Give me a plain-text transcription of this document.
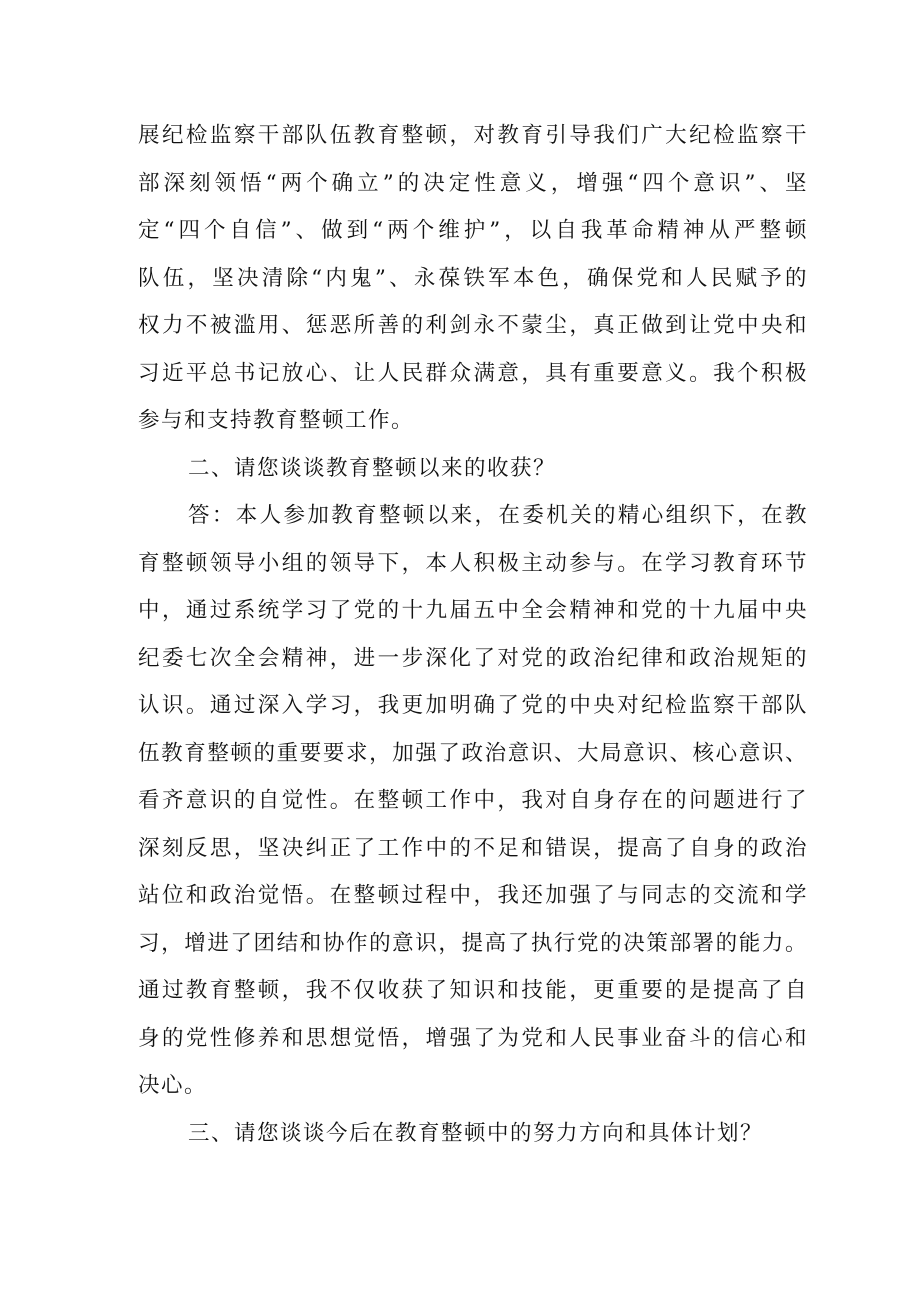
展纪检监察干部队伍教育整顿，对教育引导我们广大纪检监察干
部深刻领悟“两个确立”的决定性意义，增强“四个意识”、坚
定“四个自信”、做到“两个维护”，以自我革命精神从严整顿
队伍，坚决清除“内鬼”、永葆铁军本色，确保党和人民赋予的
权力不被滥用、惩恶所善的利剑永不蒙尘，真正做到让党中央和
习近平总书记放心、让人民群众满意，具有重要意义。我个积极
参与和支持教育整顿工作。
二、请您谈谈教育整顿以来的收获？
答：本人参加教育整顿以来，在委机关的精心组织下，在教
育整顿领导小组的领导下，本人积极主动参与。在学习教育环节
中，通过系统学习了党的十九届五中全会精神和党的十九届中央
纪委七次全会精神，进一步深化了对党的政治纪律和政治规矩的
认识。通过深入学习，我更加明确了党的中央对纪检监察干部队
伍教育整顿的重要要求，加强了政治意识、大局意识、核心意识、
看齐意识的自觉性。在整顿工作中，我对自身存在的问题进行了
深刻反思，坚决纠正了工作中的不足和错误，提高了自身的政治
站位和政治觉悟。在整顿过程中，我还加强了与同志的交流和学
习，增进了团结和协作的意识，提高了执行党的决策部署的能力。
通过教育整顿，我不仅收获了知识和技能，更重要的是提高了自
身的党性修养和思想觉悟，增强了为党和人民事业奋斗的信心和
决心。
三、请您谈谈今后在教育整顿中的努力方向和具体计划？
